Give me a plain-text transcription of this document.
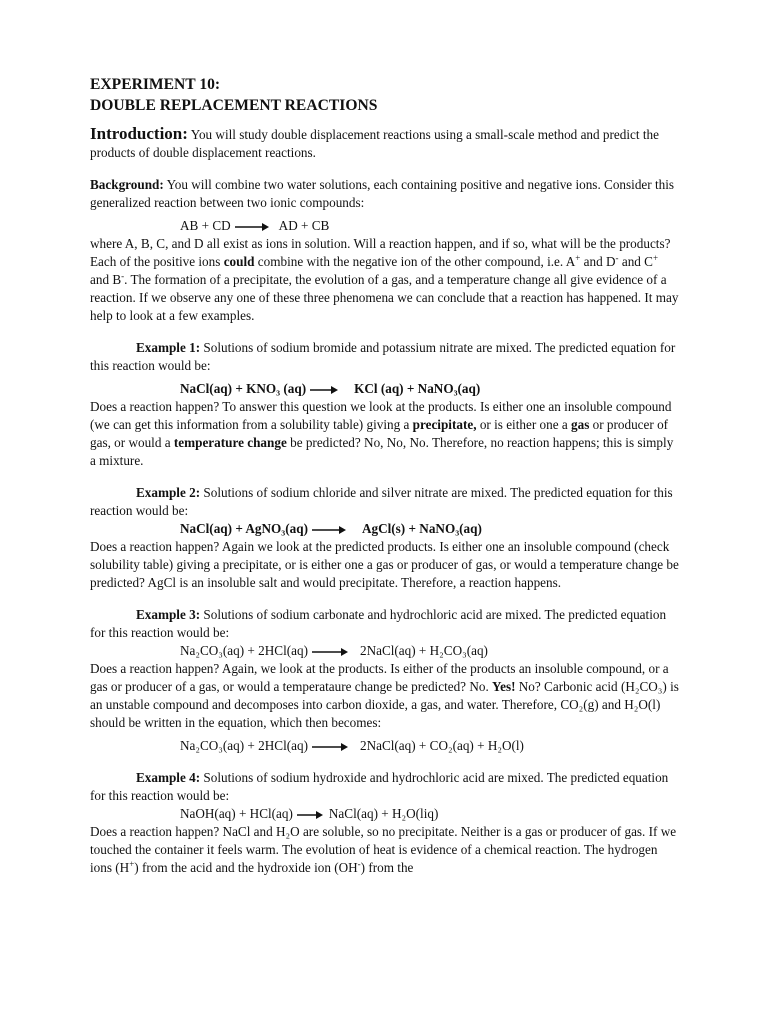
EXPERIMENT 10:

DOUBLE REPLACEMENT REACTIONS

Introduction: You will study double displacement reactions using a small-scale method and predict the products of double displacement reactions.

Background: You will combine two water solutions, each containing positive and negative ions. Consider this generalized reaction between two ionic compounds:

AB + CD → AD + CB

where A, B, C, and D all exist as ions in solution. Will a reaction happen, and if so, what will be the products? Each of the positive ions could combine with the negative ion of the other compound, i.e. A+ and D- and C+ and B-. The formation of a precipitate, the evolution of a gas, and a temperature change all give evidence of a reaction. If we observe any one of these three phenomena we can conclude that a reaction has happened. It may help to look at a few examples.

Example 1: Solutions of sodium bromide and potassium nitrate are mixed. The predicted equation for this reaction would be:

NaCl(aq) + KNO₃ (aq) → KCl (aq) + NaNO₃(aq)

Does a reaction happen? To answer this question we look at the products. Is either one an insoluble compound (we can get this information from a solubility table) giving a precipitate, or is either one a gas or producer of gas, or would a temperature change be predicted? No, No, No. Therefore, no reaction happens; this is simply a mixture.

Example 2: Solutions of sodium chloride and silver nitrate are mixed. The predicted equation for this reaction would be:

NaCl(aq) + AgNO₃(aq) → AgCl(s) + NaNO₃(aq)

Does a reaction happen? Again we look at the predicted products. Is either one an insoluble compound (check solubility table) giving a precipitate, or is either one a gas or producer of gas, or would a temperature change be predicted? AgCl is an insoluble salt and would precipitate. Therefore, a reaction happens.

Example 3: Solutions of sodium carbonate and hydrochloric acid are mixed. The predicted equation for this reaction would be:

Na₂CO₃(aq) + 2HCl(aq) → 2NaCl(aq) + H₂CO₃(aq)

Does a reaction happen? Again, we look at the products. Is either of the products an insoluble compound, or a gas or producer of a gas, or would a temperataure change be predicted? No. Yes! No? Carbonic acid (H₂CO₃) is an unstable compound and decomposes into carbon dioxide, a gas, and water. Therefore, CO₂(g) and H₂O(l) should be written in the equation, which then becomes:

Na₂CO₃(aq) + 2HCl(aq) → 2NaCl(aq) + CO₂(aq) + H₂O(l)

Example 4: Solutions of sodium hydroxide and hydrochloric acid are mixed. The predicted equation for this reaction would be:

NaOH(aq) + HCl(aq) → NaCl(aq) + H₂O(liq)

Does a reaction happen? NaCl and H₂O are soluble, so no precipitate. Neither is a gas or producer of gas. If we touched the container it feels warm. The evolution of heat is evidence of a chemical reaction. The hydrogen ions (H+) from the acid and the hydroxide ion (OH-) from the
